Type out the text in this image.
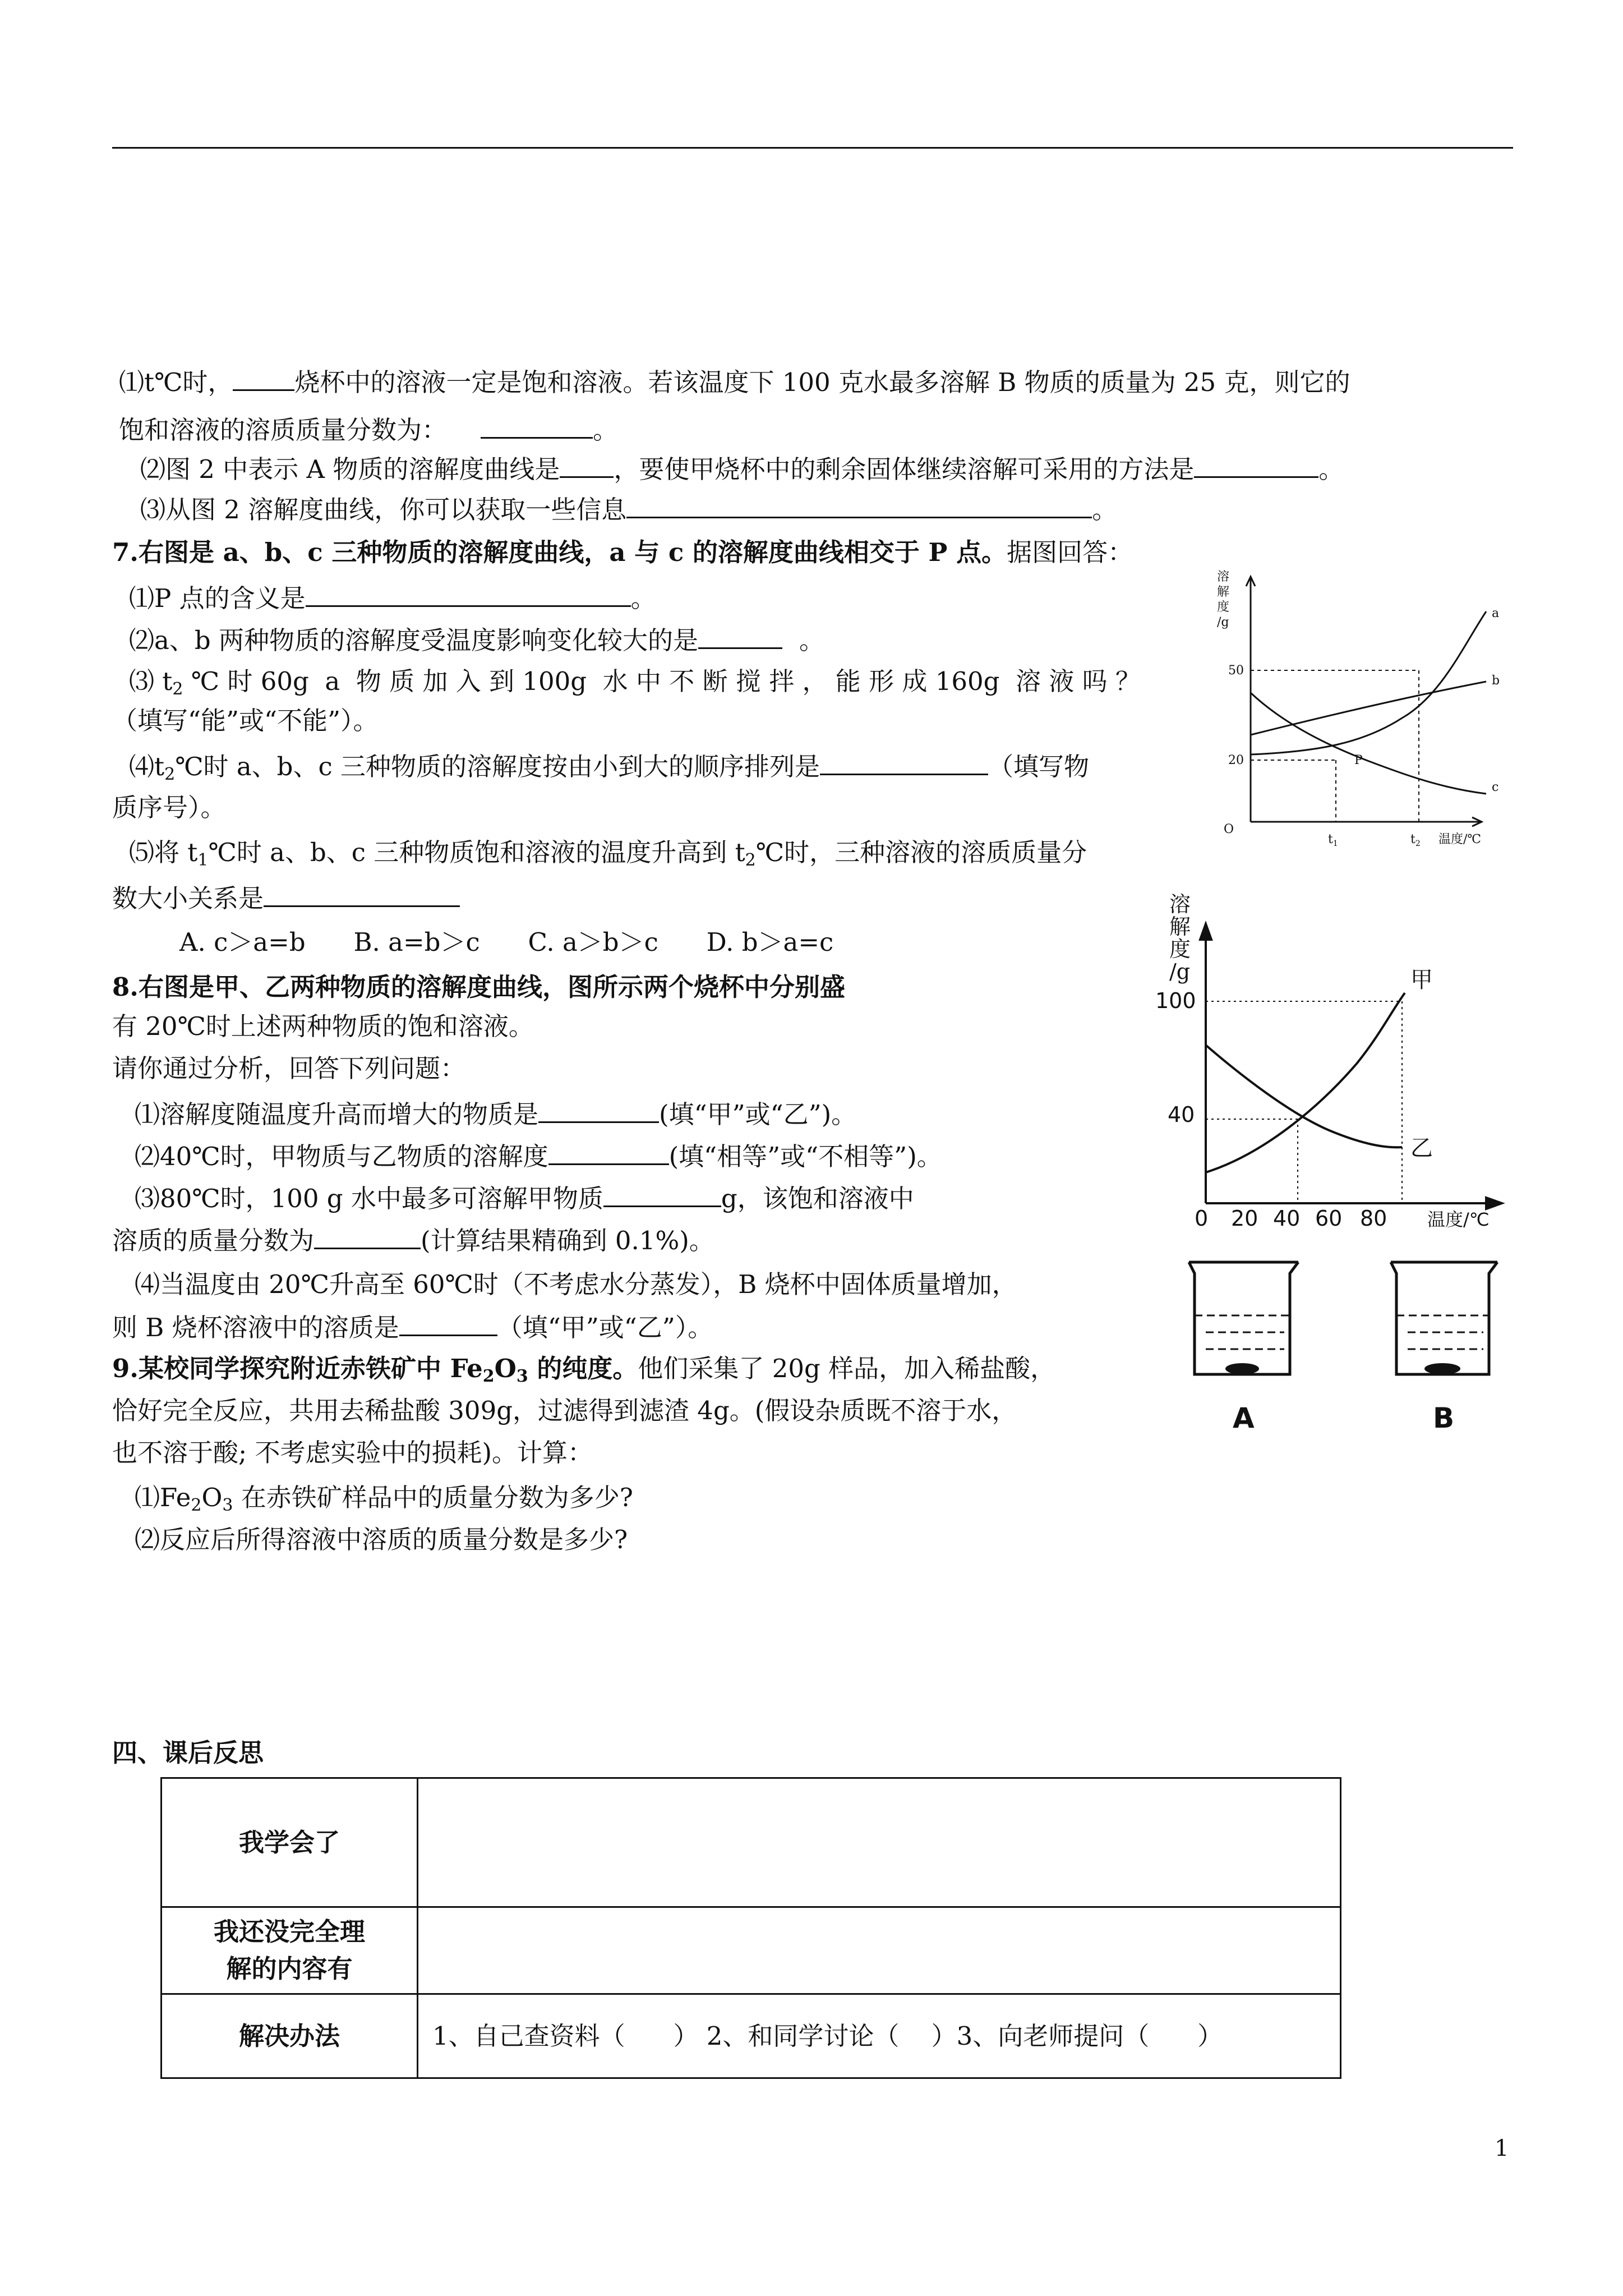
⑴t℃时， 烧杯中的溶液一定是饱和溶液。若该温度下 100 克水最多溶解 B 物质的质量为 25 克，则它的
饱和溶液的溶质质量分数为：	。
⑵图 2 中表示 A 物质的溶解度曲线是 ，要使甲烧杯中的剩余固体继续溶解可采用的方法是	。
⑶从图 2 溶解度曲线，你可以获取一些信息	。
7.右图是 a、b、c 三种物质的溶解度曲线，a 与 c 的溶解度曲线相交于 P 点。据图回答：
⑴P 点的含义是	。
⑵a、b 两种物质的溶解度受温度影响变化较大的是	。
⑶ $t_2$ ℃ 时 60g  a  物 质 加 入 到 100g  水 中 不 断 搅 拌 ， 能 形 成 160g  溶 液 吗 ？
（填写“能”或“不能”）。
$⑷t_2℃$时 a、b、c 三种物质的溶解度按由小到大的顺序排列是	（填写物
质序号）。
⑸将 $t_1℃$时 a、b、c 三种物质饱和溶液的温度升高到 $t_2℃$时，三种溶液的溶质质量分
数大小关系是
A. c＞a=b      B. a=b＞c      C. a＞b＞c      D. b＞a=c
溶
解
度
/g
50
20
O
$t_1$	$t_2$ 温度/℃
a
b
c
P
8.右图是甲、乙两种物质的溶解度曲线，图所示两个烧杯中分别盛
有 20℃时上述两种物质的饱和溶液。
请你通过分析，回答下列问题：
⑴溶解度随温度升高而增大的物质是	(填“甲”或“乙”)。
⑵40℃时，甲物质与乙物质的溶解度	(填“相等”或“不相等”)。
⑶80℃时，100 g 水中最多可溶解甲物质	g，该饱和溶液中
溶质的质量分数为	(计算结果精确到 0.1%)。
⑷当温度由 20℃升高至 60℃时（不考虑水分蒸发），B 烧杯中固体质量增加，
则 B 烧杯溶液中的溶质是	（填“甲”或“乙”）。
溶
解
度
/g
100
40
0 20 40 60 80 温度/℃
甲
乙
A	B
9.某校同学探究附近赤铁矿中 $Fe_2O_3$ 的纯度。他们采集了 20g 样品，加入稀盐酸，
恰好完全反应，共用去稀盐酸 309g，过滤得到滤渣 4g。(假设杂质既不溶于水，
也不溶于酸; 不考虑实验中的损耗)。计算：
$⑴Fe_2O_3$ 在赤铁矿样品中的质量分数为多少?
⑵反应后所得溶液中溶质的质量分数是多少?
四、课后反思
我学会了	
我还没完全理
解的内容有	
解决办法	1、自己查资料（      ） 2、和同学讨论（    ）3、向老师提问（      ）
1
